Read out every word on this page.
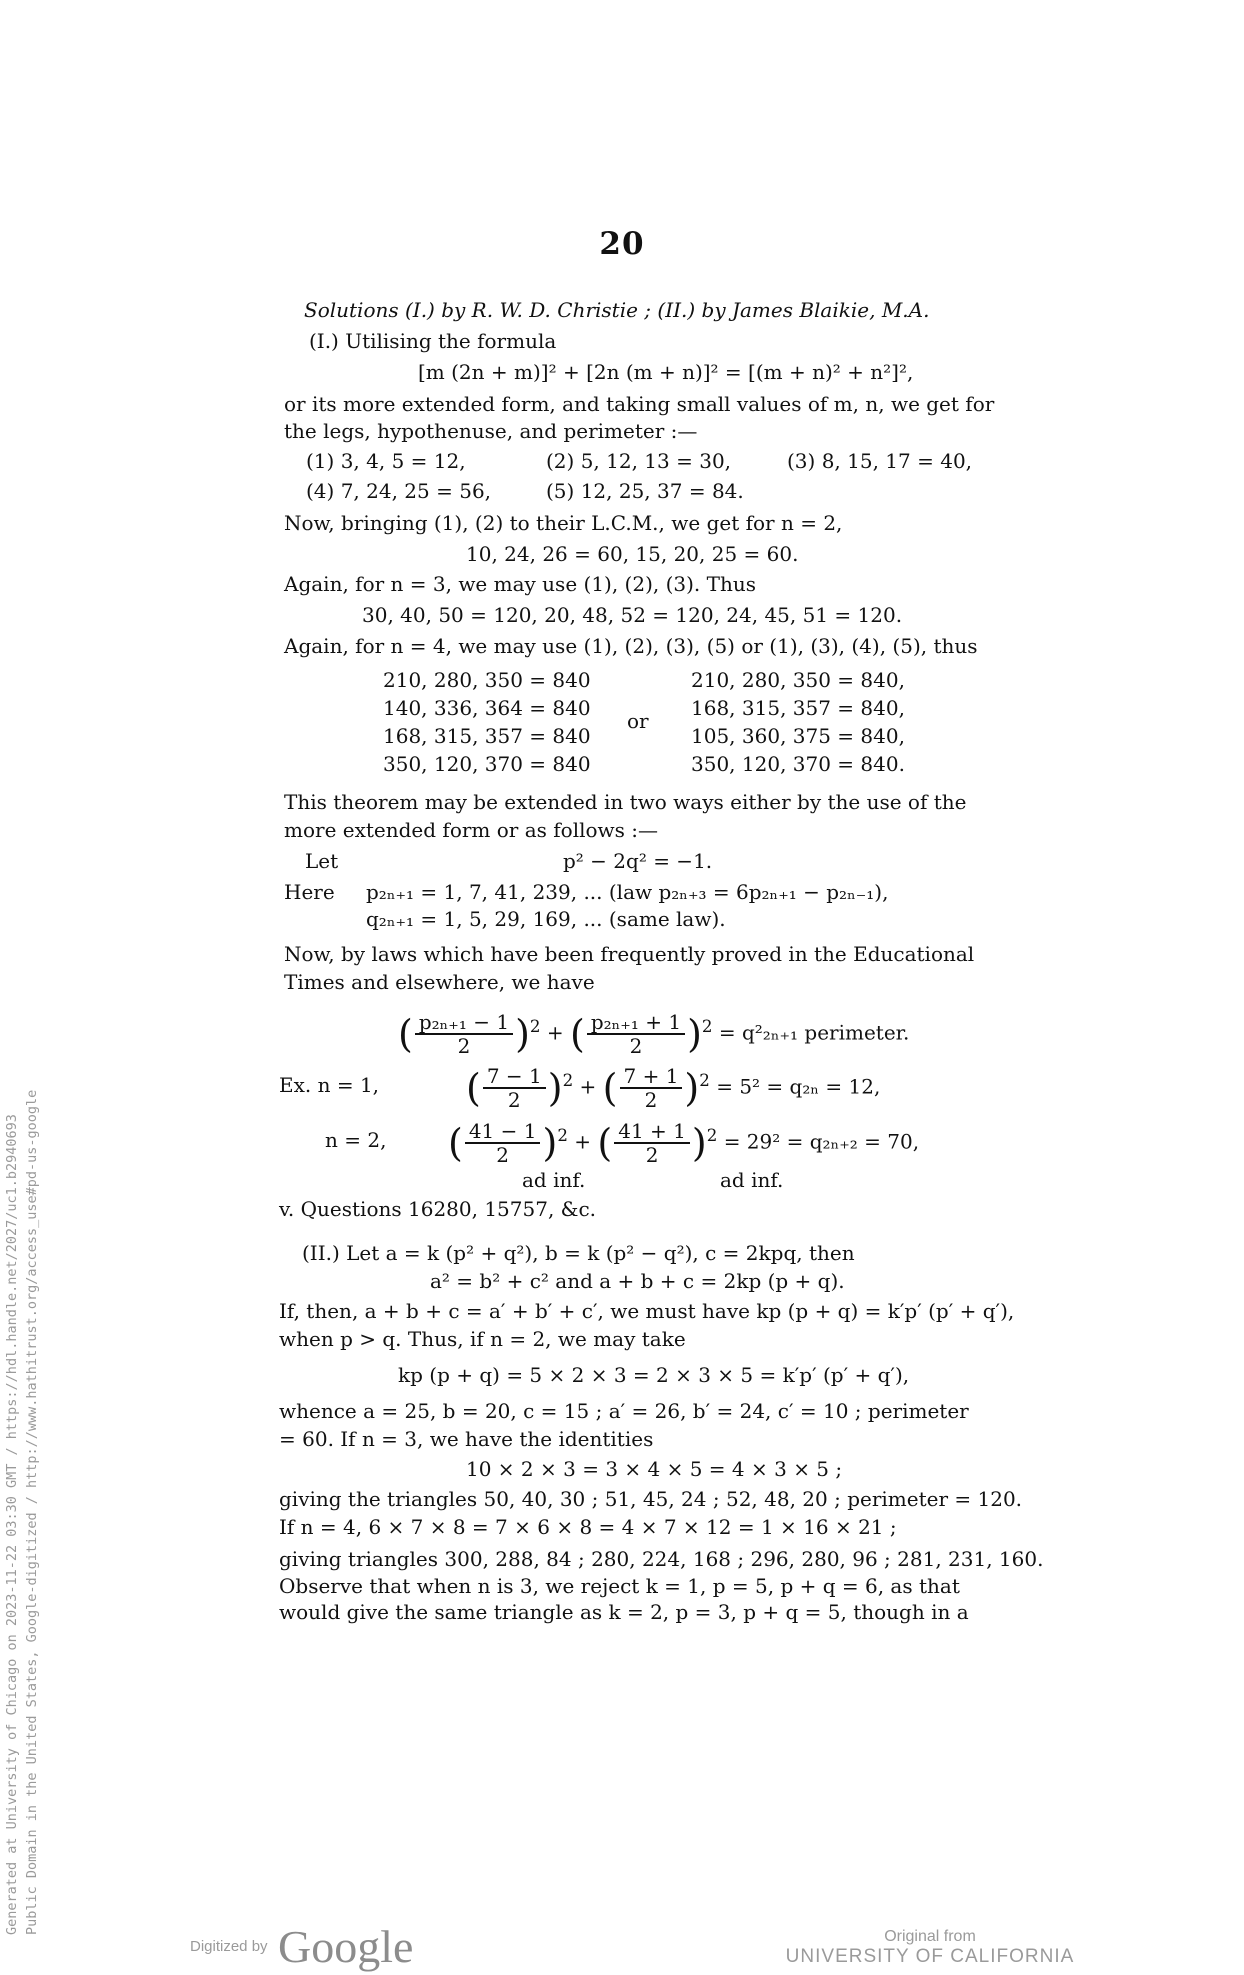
20
Solutions (I.) by R. W. D. Christie ; (II.) by James Blaikie, M.A.
(I.) Utilising the formula
[m (2n + m)]² + [2n (m + n)]² = [(m + n)² + n²]²,
or its more extended form, and taking small values of m, n, we get for
the legs, hypothenuse, and perimeter :—
(1) 3, 4, 5 = 12,	(2) 5, 12, 13 = 30,	(3) 8, 15, 17 = 40,
(4) 7, 24, 25 = 56,	(5) 12, 25, 37 = 84.
Now, bringing (1), (2) to their L.C.M., we get for n = 2,
10, 24, 26 = 60, 15, 20, 25 = 60.
Again, for n = 3, we may use (1), (2), (3). Thus
30, 40, 50 = 120, 20, 48, 52 = 120, 24, 45, 51 = 120.
Again, for n = 4, we may use (1), (2), (3), (5) or (1), (3), (4), (5), thus
210, 280, 350 = 840
140, 336, 364 = 840
168, 315, 357 = 840
350, 120, 370 = 840
or
210, 280, 350 = 840,
168, 315, 357 = 840,
105, 360, 375 = 840,
350, 120, 370 = 840.
This theorem may be extended in two ways either by the use of the
more extended form or as follows :—
Let	p² − 2q² = −1.
Here p₂ₙ₊₁ = 1, 7, 41, 239, ... (law p₂ₙ₊₃ = 6p₂ₙ₊₁ − p₂ₙ₋₁),
q₂ₙ₊₁ = 1, 5, 29, 169, ... (same law).
Now, by laws which have been frequently proved in the Educational
Times and elsewhere, we have
( $\frac{\text{p₂ₙ₊₁ − 1}}{2} )^2$ + ( $\frac{\text{p₂ₙ₊₁ + 1}}{2} )^2 = q^2_{2n+1}$ perimeter.
Ex. n = 1, ( $\frac{7 - 1}{2} )^2$ + ( $\frac{7 + 1}{2} )^2 = 5^2 = q_{2n} = 12$,
n = 2, ( $\frac{41 - 1}{2} )^2$ + ( $\frac{41 + 1}{2} )^2 = 29^2 = q_{2n+2} = 70$,
ad inf.	ad inf.
v. Questions 16280, 15757, &c.
(II.) Let a = k (p² + q²), b = k (p² − q²), c = 2kpq, then
a² = b² + c² and a + b + c = 2kp (p + q).
If, then, a + b + c = a′ + b′ + c′, we must have kp (p + q) = k′p′ (p′ + q′),
when p > q. Thus, if n = 2, we may take
kp (p + q) = 5 × 2 × 3 = 2 × 3 × 5 = k′p′ (p′ + q′),
whence a = 25, b = 20, c = 15 ; a′ = 26, b′ = 24, c′ = 10 ; perimeter
= 60. If n = 3, we have the identities
10 × 2 × 3 = 3 × 4 × 5 = 4 × 3 × 5 ;
giving the triangles 50, 40, 30 ; 51, 45, 24 ; 52, 48, 20 ; perimeter = 120.
If n = 4, 6 × 7 × 8 = 7 × 6 × 8 = 4 × 7 × 12 = 1 × 16 × 21 ;
giving triangles 300, 288, 84 ; 280, 224, 168 ; 296, 280, 96 ; 281, 231, 160.
Observe that when n is 3, we reject k = 1, p = 5, p + q = 6, as that
would give the same triangle as k = 2, p = 3, p + q = 5, though in a
Generated at University of Chicago on 2023-11-22 03:30 GMT / https://hdl.handle.net/2027/uc1.b2940693 Public Domain in the United States, Google-digitized / http://www.hathitrust.org/access_use#pd-us-google
Digitized by Google	Original from
UNIVERSITY OF CALIFORNIA
